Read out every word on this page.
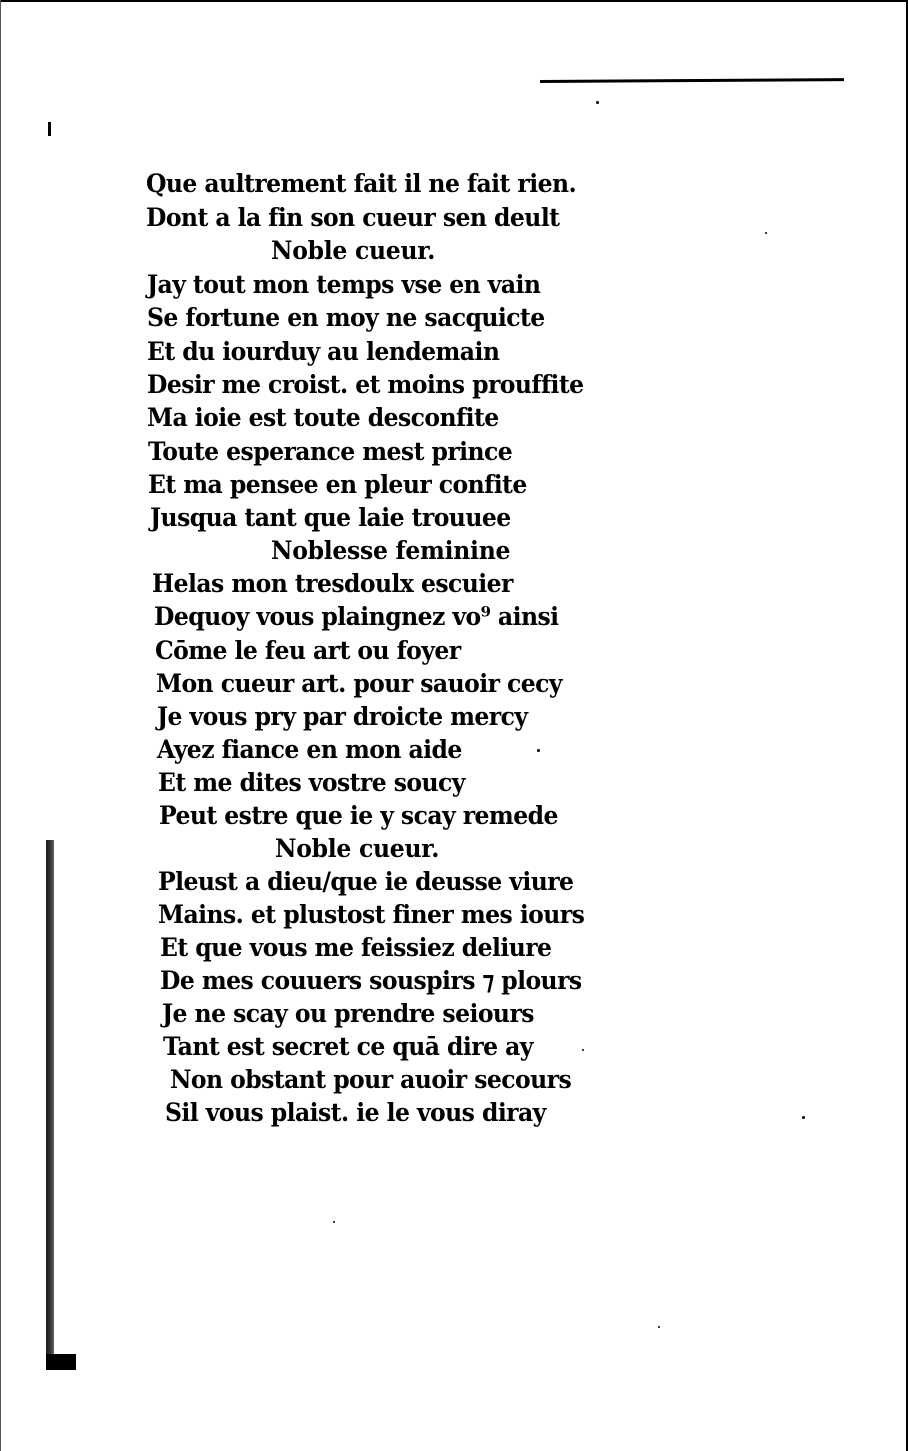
Que aultrement fait il ne fait rien.
Dont a la fin son cueur sen deult
Noble cueur.
Jay tout mon temps vse en vain
Se fortune en moy ne sacquicte
Et du iourduy au lendemain
Desir me croist. et moins prouffite
Ma ioie est toute desconfite
Toute esperance mest prince
Et ma pensee en pleur confite
Jusqua tant que laie trouuee
Noblesse feminine
Helas mon tresdoulx escuier
Dequoy vous plaingnez vo⁹ ainsi
Cōme le feu art ou foyer
Mon cueur art. pour sauoir cecy
Je vous pry par droicte mercy
Ayez fiance en mon aide
Et me dites vostre soucy
Peut estre que ie y scay remede
Noble cueur.
Pleust a dieu/que ie deusse viure
Mains. et plustost finer mes iours
Et que vous me feissiez deliure
De mes couuers souspirs ⁊ plours
Je ne scay ou prendre seiours
Tant est secret ce quā dire ay
Non obstant pour auoir secours
Sil vous plaist. ie le vous diray
